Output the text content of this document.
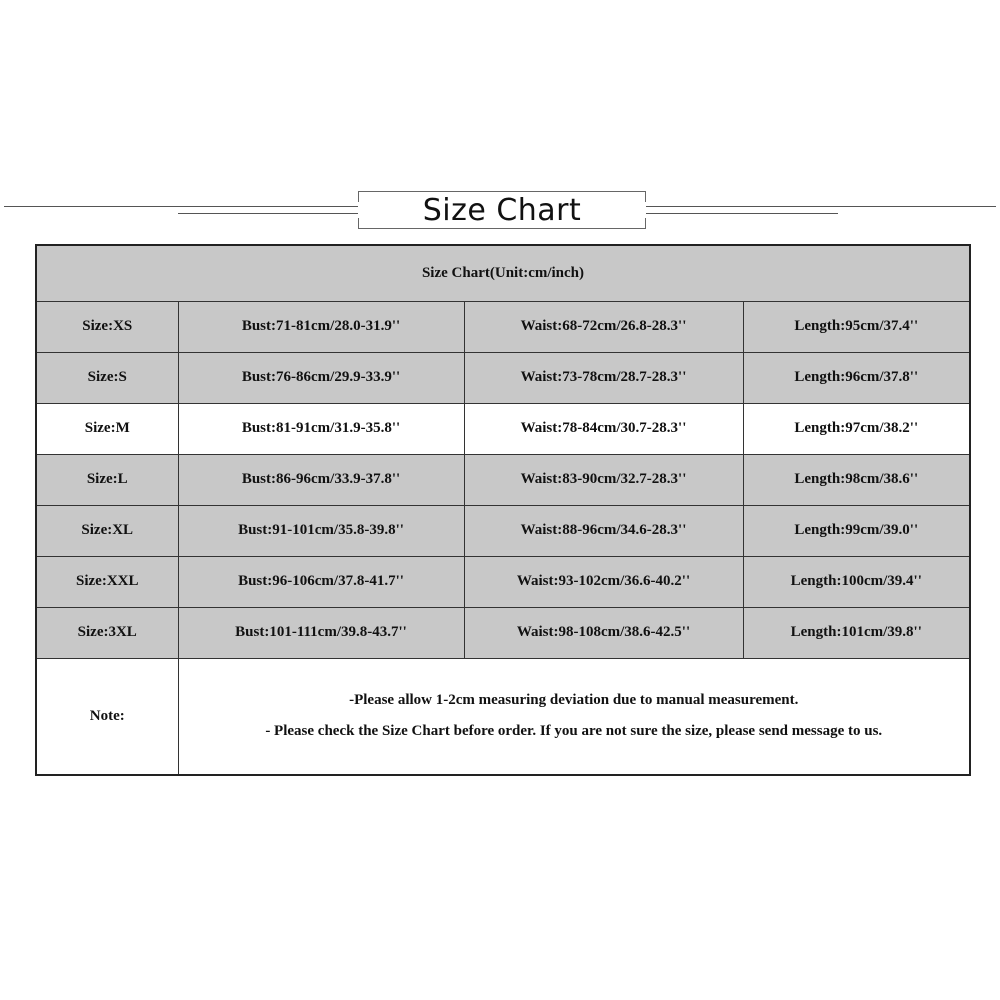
Size Chart
Size Chart(Unit:cm/inch)			
Size:XS	Bust:71-81cm/28.0-31.9''	Waist:68-72cm/26.8-28.3''	Length:95cm/37.4''
Size:S	Bust:76-86cm/29.9-33.9''	Waist:73-78cm/28.7-28.3''	Length:96cm/37.8''
Size:M	Bust:81-91cm/31.9-35.8''	Waist:78-84cm/30.7-28.3''	Length:97cm/38.2''
Size:L	Bust:86-96cm/33.9-37.8''	Waist:83-90cm/32.7-28.3''	Length:98cm/38.6''
Size:XL	Bust:91-101cm/35.8-39.8''	Waist:88-96cm/34.6-28.3''	Length:99cm/39.0''
Size:XXL	Bust:96-106cm/37.8-41.7''	Waist:93-102cm/36.6-40.2''	Length:100cm/39.4''
Size:3XL	Bust:101-111cm/39.8-43.7''	Waist:98-108cm/38.6-42.5''	Length:101cm/39.8''
Note:	-Please allow 1-2cm measuring deviation due to manual measurement.
- Please check the Size Chart before order. If you are not sure the size, please send message to us.		
